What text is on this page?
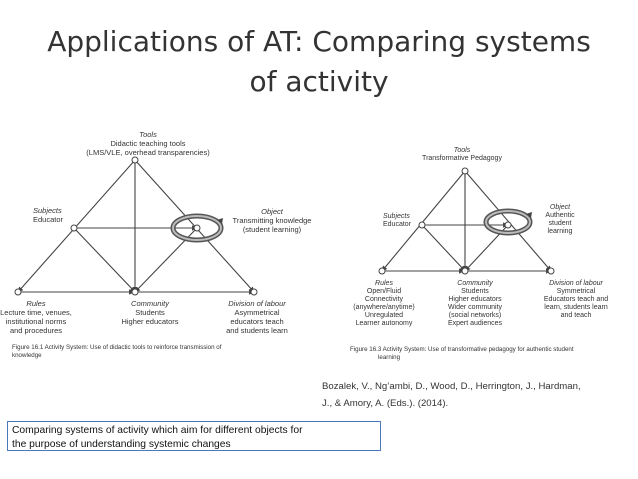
Applications of AT: Comparing systems
of activity
Tools
Didactic teaching tools
(LMS/VLE, overhead transparencies)
Subjects
Educator
Object
Transmitting knowledge
(student learning)
Rules
Lecture time, venues,
institutional norms
and procedures
Community
Students
Higher educators
Division of labour
Asymmetrical
educators teach
and students learn
Figure 16.1 Activity System: Use of didactic tools to reinforce transmission of
knowledge
Tools
Transformative Pedagogy
Subjects
Educator
Object
Authentic
student
learning
Rules
Open/Fluid
Connectivity
(anywhere/anytime)
Unregulated
Learner autonomy
Community
Students
Higher educators
Wider community
(social networks)
Expert audiences
Division of labour
Symmetrical
Educators teach and
learn, students learn
and teach
Figure 16.3 Activity System: Use of transformative pedagogy for authentic student
learning
Bozalek, V., Ng’ambi, D., Wood, D., Herrington, J., Hardman,
J., & Amory, A. (Eds.). (2014).
Comparing systems of activity which aim for different objects for
the purpose of understanding systemic changes
